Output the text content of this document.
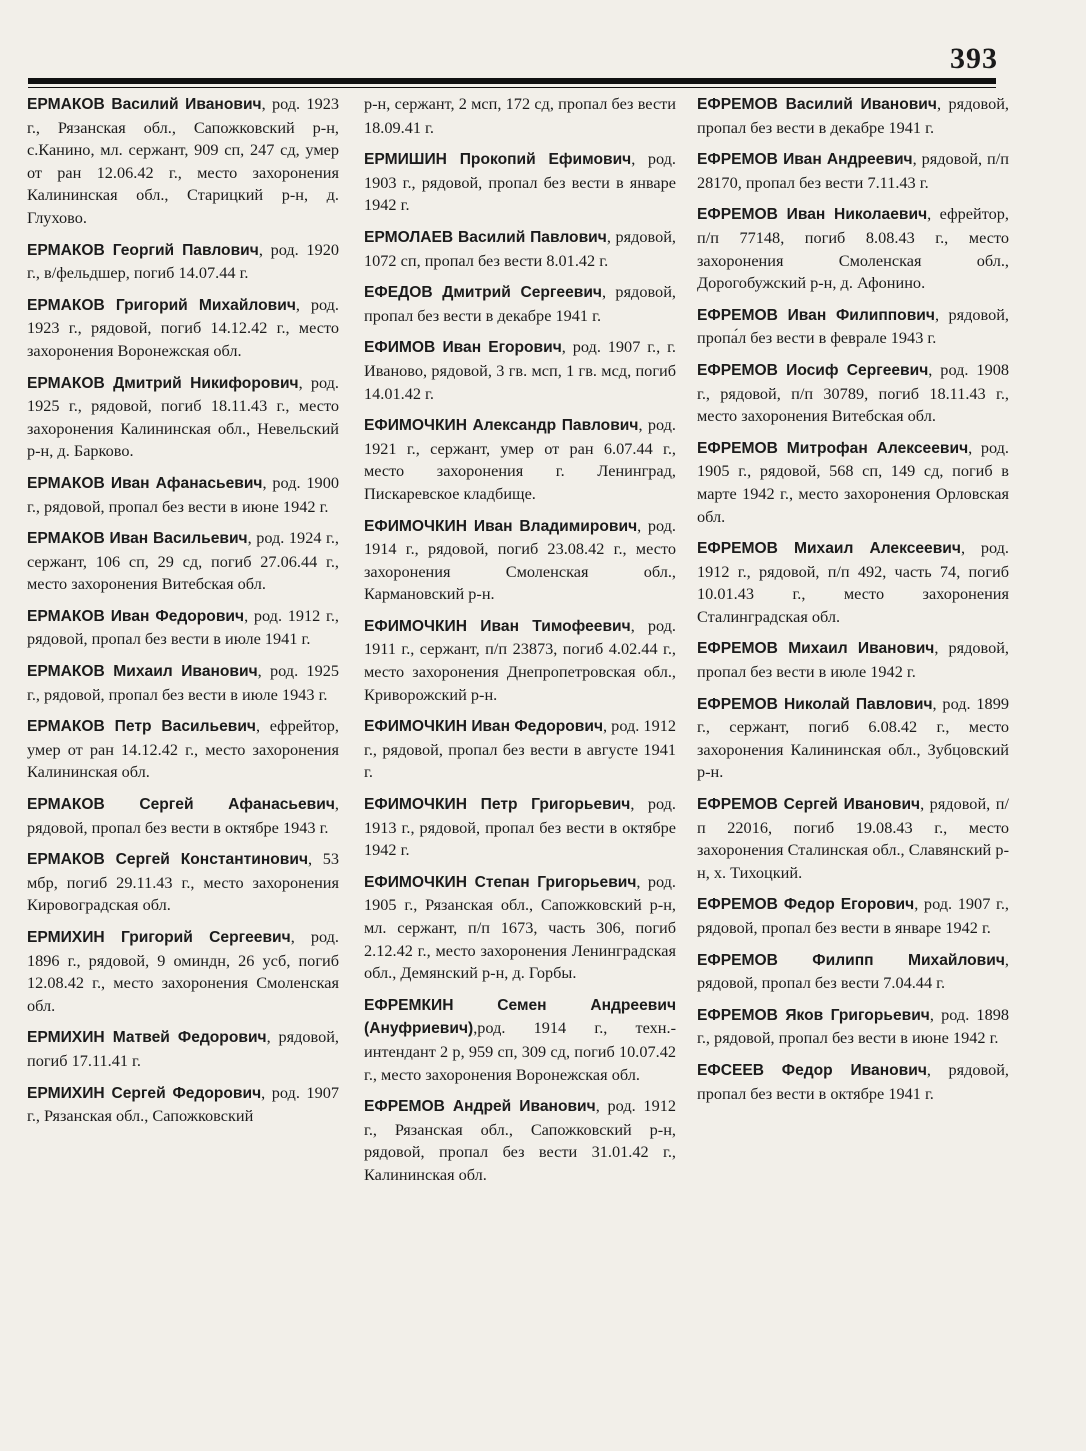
393

ЕРМАКОВ Василий Иванович, род. 1923 г., Рязанская обл., Сапожковский р-н, с.Канино, мл. сержант, 909 сп, 247 сд, умер от ран 12.06.42 г., место захоронения Калининская обл., Старицкий р-н, д. Глухово.

ЕРМАКОВ Георгий Павлович, род. 1920 г., в/фельдшер, погиб 14.07.44 г.

ЕРМАКОВ Григорий Михайлович, род. 1923 г., рядовой, погиб 14.12.42 г., место захоронения Воронежская обл.

ЕРМАКОВ Дмитрий Никифорович, род. 1925 г., рядовой, погиб 18.11.43 г., место захоронения Калининская обл., Невельский р-н, д. Барково.

ЕРМАКОВ Иван Афанасьевич, род. 1900 г., рядовой, пропал без вести в июне 1942 г.

ЕРМАКОВ Иван Васильевич, род. 1924 г., сержант, 106 сп, 29 сд, погиб 27.06.44 г., место захоронения Витебская обл.

ЕРМАКОВ Иван Федорович, род. 1912 г., рядовой, пропал без вести в июле 1941 г.

ЕРМАКОВ Михаил Иванович, род. 1925 г., рядовой, пропал без вести в июле 1943 г.

ЕРМАКОВ Петр Васильевич, ефрейтор, умер от ран 14.12.42 г., место захоронения Калининская обл.

ЕРМАКОВ Сергей Афанасьевич, рядовой, пропал без вести в октябре 1943 г.

ЕРМАКОВ Сергей Константинович, 53 мбр, погиб 29.11.43 г., место захоронения Кировоградская обл.

ЕРМИХИН Григорий Сергеевич, род. 1896 г., рядовой, 9 оминдн, 26 усб, погиб 12.08.42 г., место захоронения Смоленская обл.

ЕРМИХИН Матвей Федорович, рядовой, погиб 17.11.41 г.

ЕРМИХИН Сергей Федорович, род. 1907 г., Рязанская обл., Сапожковский

р-н, сержант, 2 мсп, 172 сд, пропал без вести 18.09.41 г.

ЕРМИШИН Прокопий Ефимович, род. 1903 г., рядовой, пропал без вести в январе 1942 г.

ЕРМОЛАЕВ Василий Павлович, рядовой, 1072 сп, пропал без вести 8.01.42 г.

ЕФЕДОВ Дмитрий Сергеевич, рядовой, пропал без вести в декабре 1941 г.

ЕФИМОВ Иван Егорович, род. 1907 г., г. Иваново, рядовой, 3 гв. мсп, 1 гв. мсд, погиб 14.01.42 г.

ЕФИМОЧКИН Александр Павлович, род. 1921 г., сержант, умер от ран 6.07.44 г., место захоронения г. Ленинград, Пискаревское кладбище.

ЕФИМОЧКИН Иван Владимирович, род. 1914 г., рядовой, погиб 23.08.42 г., место захоронения Смоленская обл., Кармановский р-н.

ЕФИМОЧКИН Иван Тимофеевич, род. 1911 г., сержант, п/п 23873, погиб 4.02.44 г., место захоронения Днепропетровская обл., Криворожский р-н.

ЕФИМОЧКИН Иван Федорович, род. 1912 г., рядовой, пропал без вести в августе 1941 г.

ЕФИМОЧКИН Петр Григорьевич, род. 1913 г., рядовой, пропал без вести в октябре 1942 г.

ЕФИМОЧКИН Степан Григорьевич, род. 1905 г., Рязанская обл., Сапожковский р-н, мл. сержант, п/п 1673, часть 306, погиб 2.12.42 г., место захоронения Ленинградская обл., Демянский р-н, д. Горбы.

ЕФРЕМКИН Семен Андреевич (Ануфриевич),род. 1914 г., техн.- интендант 2 р, 959 сп, 309 сд, погиб 10.07.42 г., место захоронения Воронежская обл.

ЕФРЕМОВ Андрей Иванович, род. 1912 г., Рязанская обл., Сапожковский р-н, рядовой, пропал без вести 31.01.42 г., Калининская обл.

ЕФРЕМОВ Василий Иванович, рядовой, пропал без вести в декабре 1941 г.

ЕФРЕМОВ Иван Андреевич, рядовой, п/п 28170, пропал без вести 7.11.43 г.

ЕФРЕМОВ Иван Николаевич, ефрейтор, п/п 77148, погиб 8.08.43 г., место захоронения Смоленская обл., Дорогобужский р-н, д. Афонино.

ЕФРЕМОВ Иван Филиппович, рядовой, пропа́л без вести в феврале 1943 г.

ЕФРЕМОВ Иосиф Сергеевич, род. 1908 г., рядовой, п/п 30789, погиб 18.11.43 г., место захоронения Витебская обл.

ЕФРЕМОВ Митрофан Алексеевич, род. 1905 г., рядовой, 568 сп, 149 сд, погиб в марте 1942 г., место захоронения Орловская обл.

ЕФРЕМОВ Михаил Алексеевич, род. 1912 г., рядовой, п/п 492, часть 74, погиб 10.01.43 г., место захоронения Сталинградская обл.

ЕФРЕМОВ Михаил Иванович, рядовой, пропал без вести в июле 1942 г.

ЕФРЕМОВ Николай Павлович, род. 1899 г., сержант, погиб 6.08.42 г., место захоронения Калининская обл., Зубцовский р-н.

ЕФРЕМОВ Сергей Иванович, рядовой, п/п 22016, погиб 19.08.43 г., место захоронения Сталинская обл., Славянский р-н, х. Тихоцкий.

ЕФРЕМОВ Федор Егорович, род. 1907 г., рядовой, пропал без вести в январе 1942 г.

ЕФРЕМОВ Филипп Михайлович, рядовой, пропал без вести 7.04.44 г.

ЕФРЕМОВ Яков Григорьевич, род. 1898 г., рядовой, пропал без вести в июне 1942 г.

ЕФСЕЕВ Федор Иванович, рядовой, пропал без вести в октябре 1941 г.
